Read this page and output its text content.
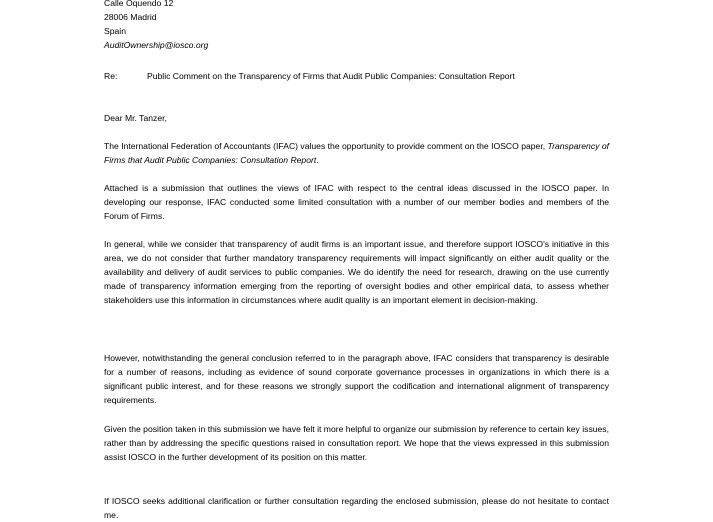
Calle Oquendo 12
28006 Madrid
Spain
AuditOwnership@iosco.org
Re:	Public Comment on the Transparency of Firms that Audit Public Companies: Consultation Report
Dear Mr. Tanzer,
The International Federation of Accountants (IFAC) values the opportunity to provide comment on the IOSCO paper, Transparency of Firms that Audit Public Companies: Consultation Report.
Attached is a submission that outlines the views of IFAC with respect to the central ideas discussed in the IOSCO paper. In developing our response, IFAC conducted some limited consultation with a number of our member bodies and members of the Forum of Firms.
In general, while we consider that transparency of audit firms is an important issue, and therefore support IOSCO's initiative in this area, we do not consider that further mandatory transparency requirements will impact significantly on either audit quality or the availability and delivery of audit services to public companies. We do identify the need for research, drawing on the use currently made of transparency information emerging from the reporting of oversight bodies and other empirical data, to assess whether stakeholders use this information in circumstances where audit quality is an important element in decision-making.
However, notwithstanding the general conclusion referred to in the paragraph above, IFAC considers that transparency is desirable for a number of reasons, including as evidence of sound corporate governance processes in organizations in which there is a significant public interest, and for these reasons we strongly support the codification and international alignment of transparency requirements.
Given the position taken in this submission we have felt it more helpful to organize our submission by reference to certain key issues, rather than by addressing the specific questions raised in consultation report. We hope that the views expressed in this submission assist IOSCO in the further development of its position on this matter.
If IOSCO seeks additional clarification or further consultation regarding the enclosed submission, please do not hesitate to contact me.
